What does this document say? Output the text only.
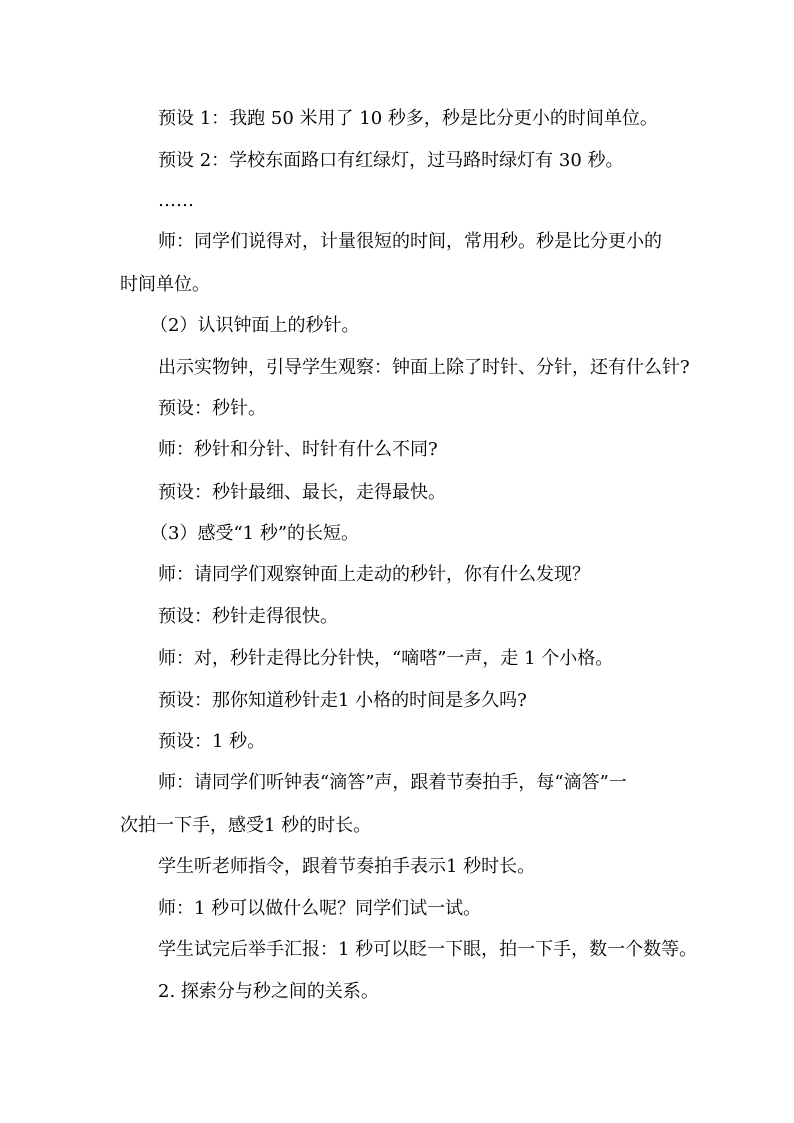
预设 1：我跑 50 米用了 10 秒多，秒是比分更小的时间单位。
预设 2：学校东面路口有红绿灯，过马路时绿灯有 30 秒。
……
师：同学们说得对，计量很短的时间，常用秒。秒是比分更小的
时间单位。
（2）认识钟面上的秒针。
出示实物钟，引导学生观察：钟面上除了时针、分针，还有什么针?
预设：秒针。
师：秒针和分针、时针有什么不同?
预设：秒针最细、最长，走得最快。
（3）感受“1 秒”的长短。
师：请同学们观察钟面上走动的秒针，你有什么发现？
预设：秒针走得很快。
师：对，秒针走得比分针快，“嘀嗒”一声，走 1 个小格。
预设：那你知道秒针走1 小格的时间是多久吗?
预设：1 秒。
师：请同学们听钟表“滴答”声，跟着节奏拍手，每“滴答”一
次拍一下手，感受1 秒的时长。
学生听老师指令，跟着节奏拍手表示1 秒时长。
师：1 秒可以做什么呢？同学们试一试。
学生试完后举手汇报：1 秒可以眨一下眼，拍一下手，数一个数等。
2. 探索分与秒之间的关系。
